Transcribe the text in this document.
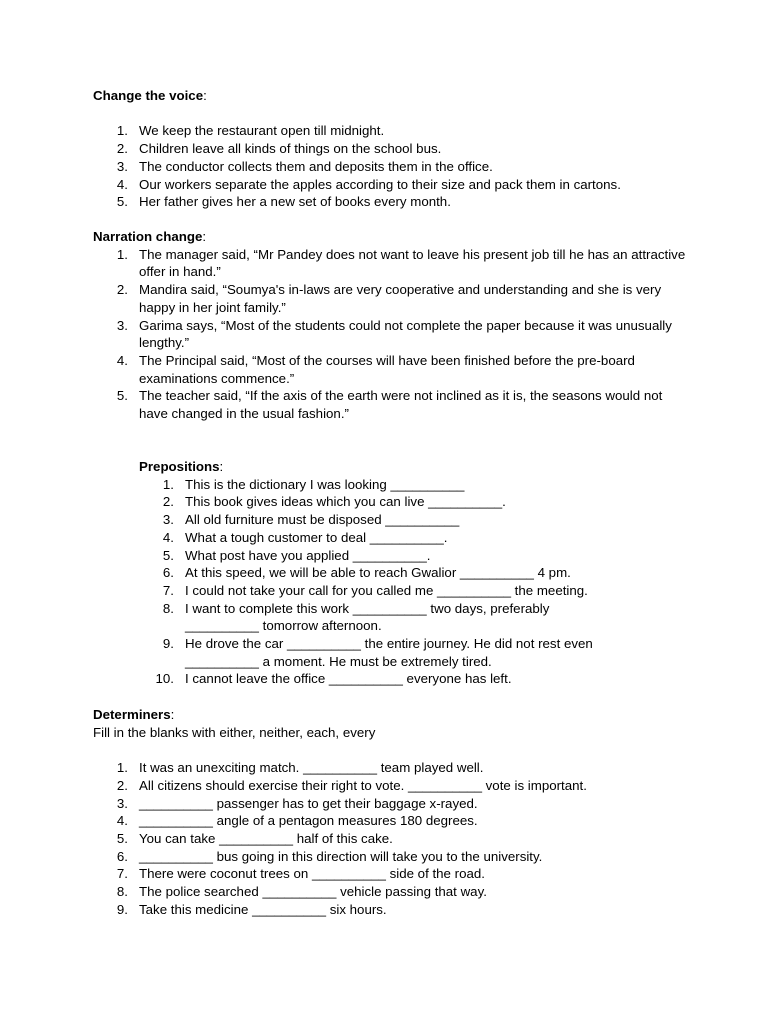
Change the voice:

1. We keep the restaurant open till midnight.
2. Children leave all kinds of things on the school bus.
3. The conductor collects them and deposits them in the office.
4. Our workers separate the apples according to their size and pack them in cartons.
5. Her father gives her a new set of books every month.

Narration change:

1. The manager said, “Mr Pandey does not want to leave his present job till he has an attractive offer in hand.”
2. Mandira said, “Soumya's in-laws are very cooperative and understanding and she is very happy in her joint family.”
3. Garima says, “Most of the students could not complete the paper because it was unusually lengthy.”
4. The Principal said, “Most of the courses will have been finished before the pre-board examinations commence.”
5. The teacher said, “If the axis of the earth were not inclined as it is, the seasons would not have changed in the usual fashion.”

Prepositions:

1. This is the dictionary I was looking __________
2. This book gives ideas which you can live __________.
3. All old furniture must be disposed __________
4. What a tough customer to deal __________.
5. What post have you applied __________.
6. At this speed, we will be able to reach Gwalior __________ 4 pm.
7. I could not take your call for you called me __________ the meeting.
8. I want to complete this work __________ two days, preferably __________ tomorrow afternoon.
9. He drove the car __________ the entire journey. He did not rest even __________ a moment. He must be extremely tired.
10. I cannot leave the office __________ everyone has left.

Determiners:

Fill in the blanks with either, neither, each, every

1. It was an unexciting match. __________ team played well.
2. All citizens should exercise their right to vote. __________ vote is important.
3. __________ passenger has to get their baggage x-rayed.
4. __________ angle of a pentagon measures 180 degrees.
5. You can take __________ half of this cake.
6. __________ bus going in this direction will take you to the university.
7. There were coconut trees on __________ side of the road.
8. The police searched __________ vehicle passing that way.
9. Take this medicine __________ six hours.
